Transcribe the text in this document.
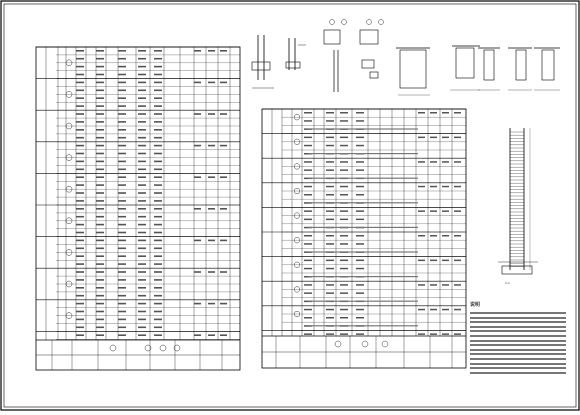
说明
1-1
